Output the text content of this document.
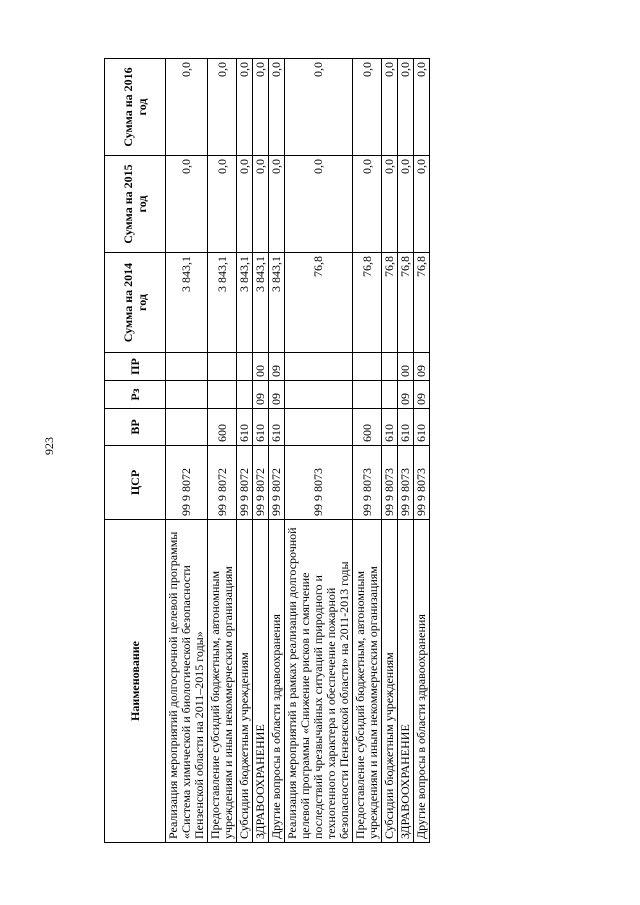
923
Наименование	ЦСР	ВР	Рз	ПР	Сумма на 2014 год	Сумма на 2015 год	Сумма на 2016 год
Реализация мероприятий долгосрочной целевой программы «Система химической и биологической безопасности Пензенской области на 2011–2015 годы»	99 9 8072				3 843,1	0,0	0,0
Предоставление субсидий бюджетным, автономным учреждениям и иным некоммерческим организациям	99 9 8072	600			3 843,1	0,0	0,0
Субсидии бюджетным учреждениям	99 9 8072	610			3 843,1	0,0	0,0
ЗДРАВООХРАНЕНИЕ	99 9 8072	610	09	00	3 843,1	0,0	0,0
Другие вопросы в области здравоохранения	99 9 8072	610	09	09	3 843,1	0,0	0,0
Реализация мероприятий в рамках реализации долгосрочной целевой программы «Снижение рисков и смягчение последствий чрезвычайных ситуаций природного и техногенного характера и обеспечение пожарной безопасности Пензенской области» на 2011-2013 годы	99 9 8073				76,8	0,0	0,0
Предоставление субсидий бюджетным, автономным учреждениям и иным некоммерческим организациям	99 9 8073	600			76,8	0,0	0,0
Субсидии бюджетным учреждениям	99 9 8073	610			76,8	0,0	0,0
ЗДРАВООХРАНЕНИЕ	99 9 8073	610	09	00	76,8	0,0	0,0
Другие вопросы в области здравоохранения	99 9 8073	610	09	09	76,8	0,0	0,0
